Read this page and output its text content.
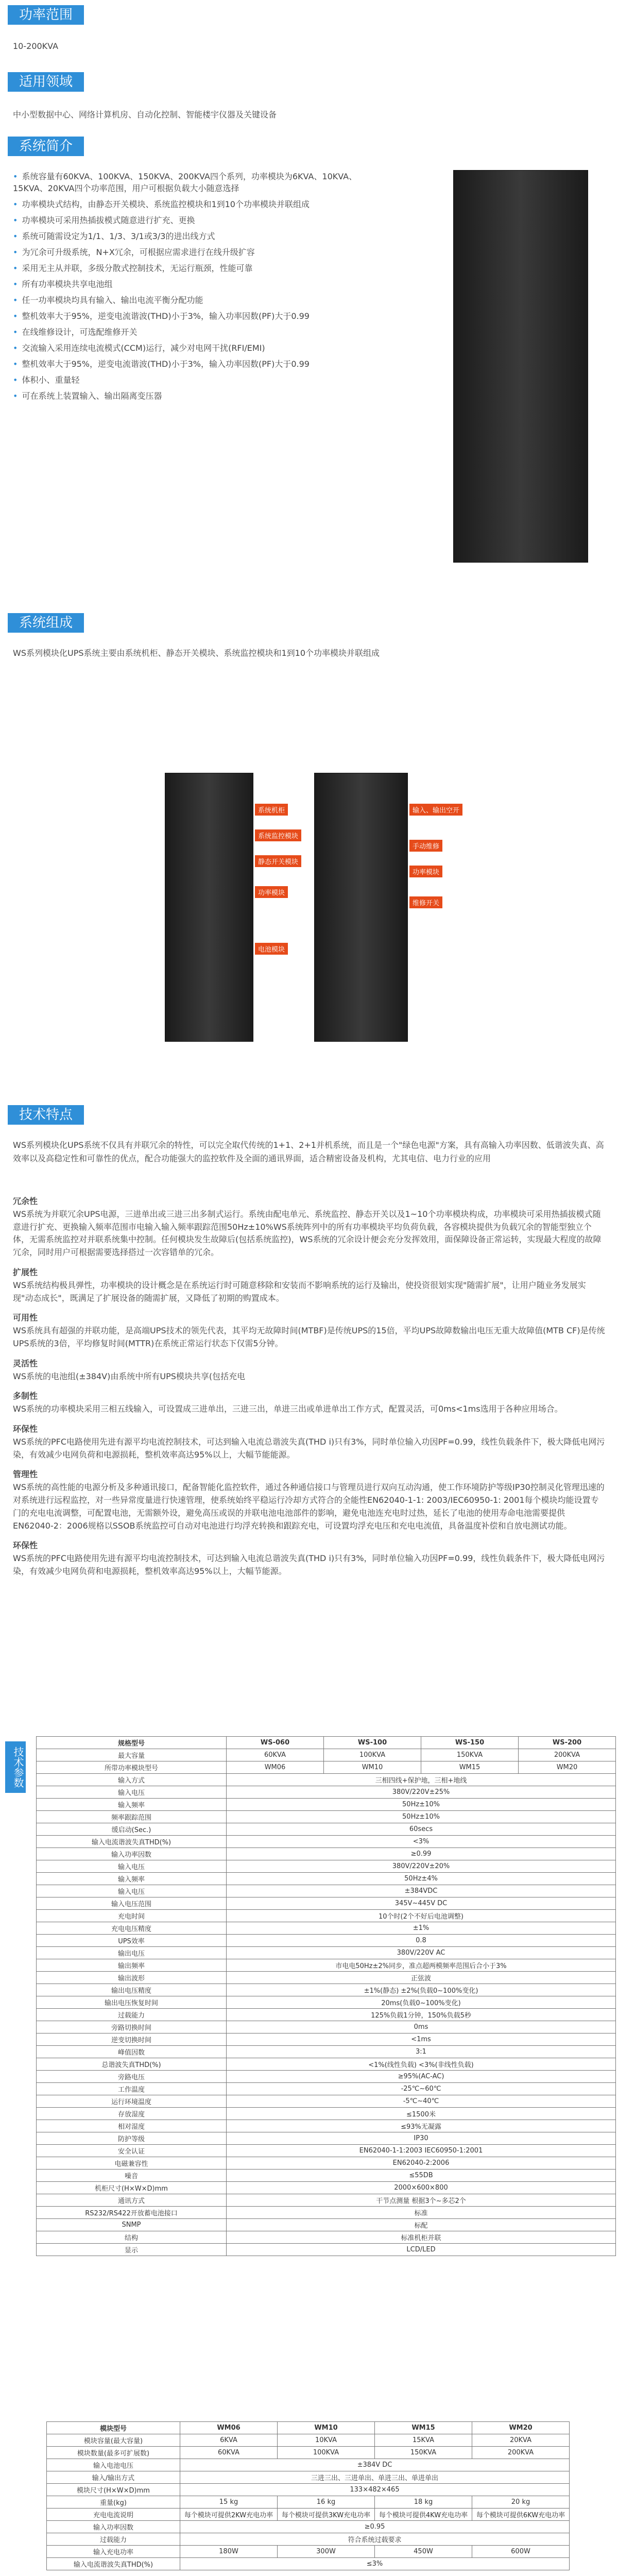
功率范围
10-200KVA
适用领域
中小型数据中心、网络计算机房、自动化控制、智能楼宇仪器及关键设备
系统简介
• 系统容量有60KVA、100KVA、150KVA、200KVA四个系列，功率模块为6KVA、10KVA、15KVA、20KVA四个功率范围，用户可根据负载大小随意选择
• 功率模块式结构，由静态开关模块、系统监控模块和1到10个功率模块并联组成
• 功率模块可采用热插拔模式随意进行扩充、更换
• 系统可随需设定为1/1、1/3、3/1或3/3的进出线方式
• 为冗余可升级系统，N+X冗余，可根据应需求进行在线升级扩容
• 采用无主从并联，多级分散式控制技术，无运行瓶颈，性能可靠
• 所有功率模块共享电池组
• 任一功率模块均具有输入、输出电流平衡分配功能
• 整机效率大于95%，逆变电流谐波(THD)小于3%，输入功率因数(PF)大于0.99
• 在线维修设计，可选配维修开关
• 交流输入采用连续电流模式(CCM)运行，减少对电网干扰(RFI/EMI)
• 整机效率大于95%，逆变电流谐波(THD)小于3%，输入功率因数(PF)大于0.99
• 体积小、重量轻
• 可在系统上装置输入、输出隔离变压器
系统组成
WS系列模块化UPS系统主要由系统机柜、静态开关模块、系统监控模块和1到10个功率模块并联组成
系统机柜
系统监控模块
静态开关模块
功率模块
电池模块
输入、输出空开
手动维修
功率模块
维修开关
技术特点
WS系列模块化UPS系统不仅具有并联冗余的特性，可以完全取代传统的1+1、2+1并机系统，而且是一个"绿色电源"方案，具有高输入功率因数、低谐波失真、高效率以及高稳定性和可靠性的优点，配合功能强大的监控软件及全面的通讯界面，适合精密设备及机构，尤其电信、电力行业的应用
冗余性
WS系统为并联冗余UPS电源，三进单出或三进三出多制式运行。系统由配电单元、系统监控、静态开关以及1~10个功率模块构成，功率模块可采用热插拔模式随意进行扩充、更换输入频率范围市电输入输入频率跟踪范围50Hz±10%WS系统阵列中的所有功率模块平均负荷负载，各容模块提供为负载冗余的智能型独立个体，无需系统监控对并联系统集中控制。任何模块发生故障后(包括系统监控)，WS系统的冗余设计便会充分发挥效用，面保障设备正常运转，实现最大程度的故障冗余，同时用户可根据需要选择搭过一次容错单的冗余。
扩展性
WS系统结构极具弹性，功率模块的设计概念是在系统运行时可随意移除和安装而不影响系统的运行及输出，使投资很划实现"随需扩展"，让用户随业务发展实现"动态成长"，既满足了扩展设备的随需扩展，又降低了初期的购置成本。
可用性
WS系统具有超强的并联功能，是高端UPS技术的领先代表，其平均无故障时间(MTBF)是传统UPS的15倍，平均UPS故障数输出电压无重大故障值(MTB CF)是传统UPS系统的3倍，平均修复时间(MTTR)在系统正常运行状态下仅需5分钟。
灵活性
WS系统的电池组(±384V)由系统中所有UPS模块共享(包括充电
多制性
WS系统的功率模块采用三相五线输入，可设置成三进单出，三进三出，单进三出或单进单出工作方式，配置灵活，可0ms<1ms选用于各种应用场合。
环保性
WS系统的PFC电路使用先进有源平均电流控制技术，可达到输入电流总谐波失真(THD i)只有3%，同时单位输入功因PF=0.99，线性负载条件下，极大降低电网污染，有效减少电网负荷和电源损耗，整机效率高达95%以上，大幅节能能源。
管理性
WS系统的高性能的电源分析及多种通讯接口，配备智能化监控软件，通过各种通信接口与管理员进行双向互动沟通，使工作环境防护等级IP30控制灵化管理迅速的对系统进行远程监控，对一些异常度量进行快速管理，使系统始终平稳运行冷却方式符合的全能性EN62040-1-1: 2003/IEC60950-1: 2001每个模块均能设置专门的充电电流调整，可配置电池，无需额外设，避免高压或误的并联电池电池部件的影响，避免电池连充电时过热，延长了电池的使用寿命电池需要提供EN62040-2：2006规格以SSOB系统监控可自动对电池进行均浮充转换和跟踪充电，可设置均浮充电压和充电电流值，具备温度补偿和自放电测试功能。
环保性
WS系统的PFC电路使用先进有源平均电流控制技术，可达到输入电流总谐波失真(THD i)只有3%，同时单位输入功因PF=0.99，线性负载条件下，极大降低电网污染，有效减少电网负荷和电源损耗，整机效率高达95%以上，大幅节能源。
技术参数
规格型号	WS-060	WS-100	WS-150	WS-200
最大容量	60KVA	100KVA	150KVA	200KVA
所带功率模块型号	WM06	WM10	WM15	WM20
输入方式	三相四线+保护地，三相+地线			
输入电压	380V/220V±25%			
输入频率	50Hz±10%			
频率跟踪范围	50Hz±10%			
缓启动(Sec.)	60secs			
输入电流谐波失真THD(%)	<3%			
输入功率因数	≥0.99			
输入电压	380V/220V±20%			
输入频率	50Hz±4%			
输入电压	±384VDC			
输入电压范围	345V~445V DC			
充电时间	10个时(2个不好后电池调整)			
充电电压精度	±1%			
UPS效率	0.8			
输出电压	380V/220V AC			
输出频率	市电电50Hz±2%同步，准点超两模频率范围后合小于3%			
输出波形	正弦波			
输出电压精度	±1%(静态) ±2%(负载0~100%变化)			
输出电压恢复时间	20ms(负载0~100%变化)			
过载能力	125%负载1分钟，150%负载5秒			
旁路切换时间	0ms			
逆变切换时间	<1ms			
峰值因数	3:1			
总谐波失真THD(%)	<1%(线性负载) <3%(非线性负载)			
旁路电压	≥95%(AC-AC)			
工作温度	-25℃~60℃			
运行环境温度	-5℃~40℃			
存放湿度	≤1500米			
相对湿度	≤93%无凝露			
防护等级	IP30			
安全认证	EN62040-1-1:2003 IEC60950-1:2001			
电磁兼容性	EN62040-2:2006			
噪音	≤55DB			
机柜尺寸(H×W×D)mm	2000×600×800			
通讯方式	干节点测量 根据3个~多芯2个			
RS232/RS422开放蓄电池接口	标准			
SNMP	标配			
结构	标准机柜并联			
显示	LCD/LED			
模块型号	WM06	WM10	WM15	WM20
模块容量(最大容量)	6KVA	10KVA	15KVA	20KVA
模块数量(最多可扩展数)	60KVA	100KVA	150KVA	200KVA
输入电池电压	±384V DC			
输入/输出方式	三进三出、三进单出、单进三出、单进单出			
模块尺寸(H×W×D)mm	133×482×465			
重量(kg)	15 kg	16 kg	18 kg	20 kg
充电电流说明	每个模块可提供2KW充电功率	每个模块可提供3KW充电功率	每个模块可提供4KW充电功率	每个模块可提供6KW充电功率
输入功率因数	≥0.95			
过载能力	符合系统过载要求			
输入充电功率	180W	300W	450W	600W
输入电流谐波失真THD(%)	≤3%			
